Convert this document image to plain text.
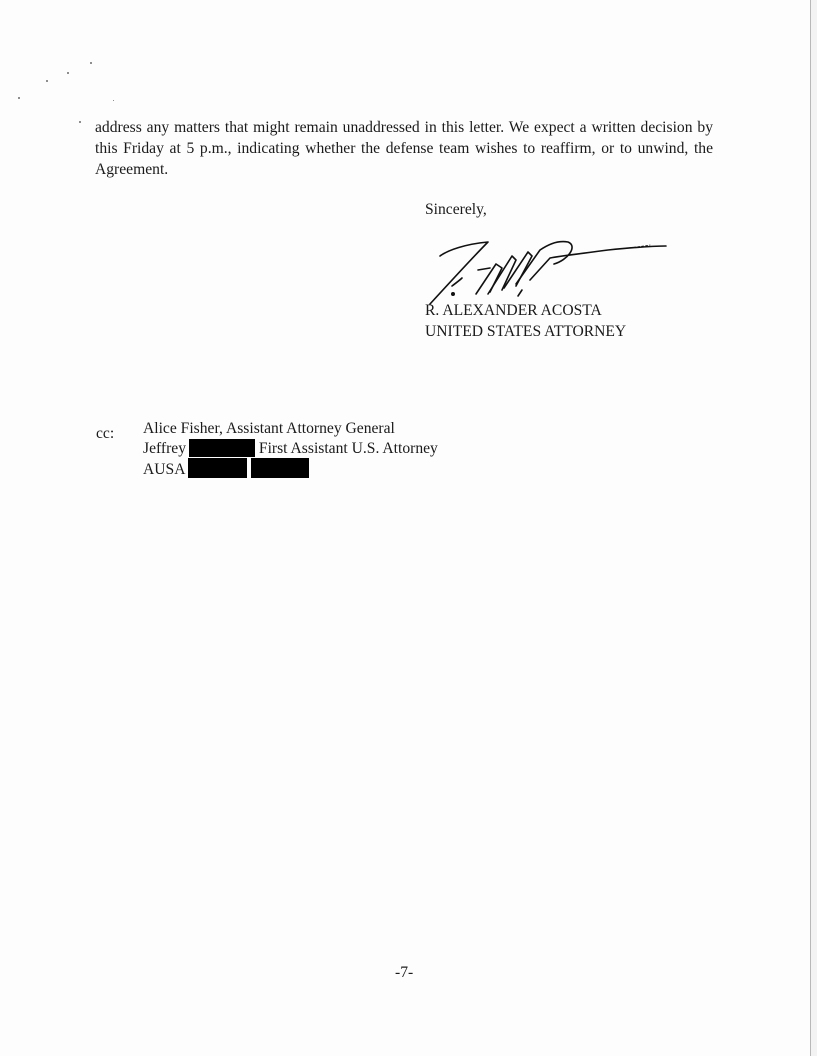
address any matters that might remain unaddressed in this letter. We expect a written decision by this Friday at 5 p.m., indicating whether the defense team wishes to reaffirm, or to unwind, the Agreement.

Sincerely,
R. ALEXANDER ACOSTA
UNITED STATES ATTORNEY
cc: Alice Fisher, Assistant Attorney General
Jeffrey	First Assistant U.S. Attorney
AUSA
-7-
